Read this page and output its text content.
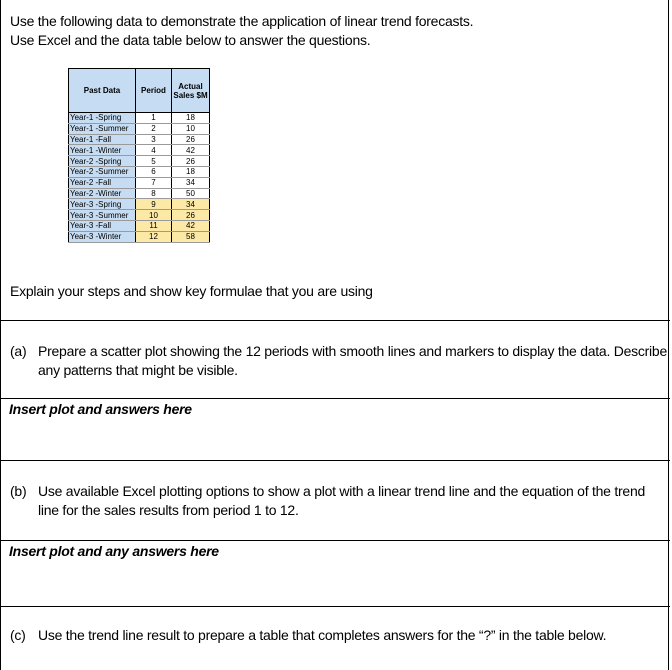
Use the following data to demonstrate the application of linear trend forecasts.
Use Excel and the data table below to answer the questions.
Past Data	Period	Actual
Sales $M

Year-1 -Spring	1	18
Year-1 -Summer	2	10
Year-1 -Fall	3	26
Year-1 -Winter	4	42
Year-2 -Spring	5	26
Year-2 -Summer	6	18
Year-2 -Fall	7	34
Year-2 -Winter	8	50
Year-3 -Spring	9	34
Year-3 -Summer	10	26
Year-3 -Fall	11	42
Year-3 -Winter	12	58
Explain your steps and show key formulae that you are using
(a) Prepare a scatter plot showing the 12 periods with smooth lines and markers to display the data. Describe any patterns that might be visible.
Insert plot and answers here
(b) Use available Excel plotting options to show a plot with a linear trend line and the equation of the trend line for the sales results from period 1 to 12.
Insert plot and any answers here
(c) Use the trend line result to prepare a table that completes answers for the “?” in the table below.
